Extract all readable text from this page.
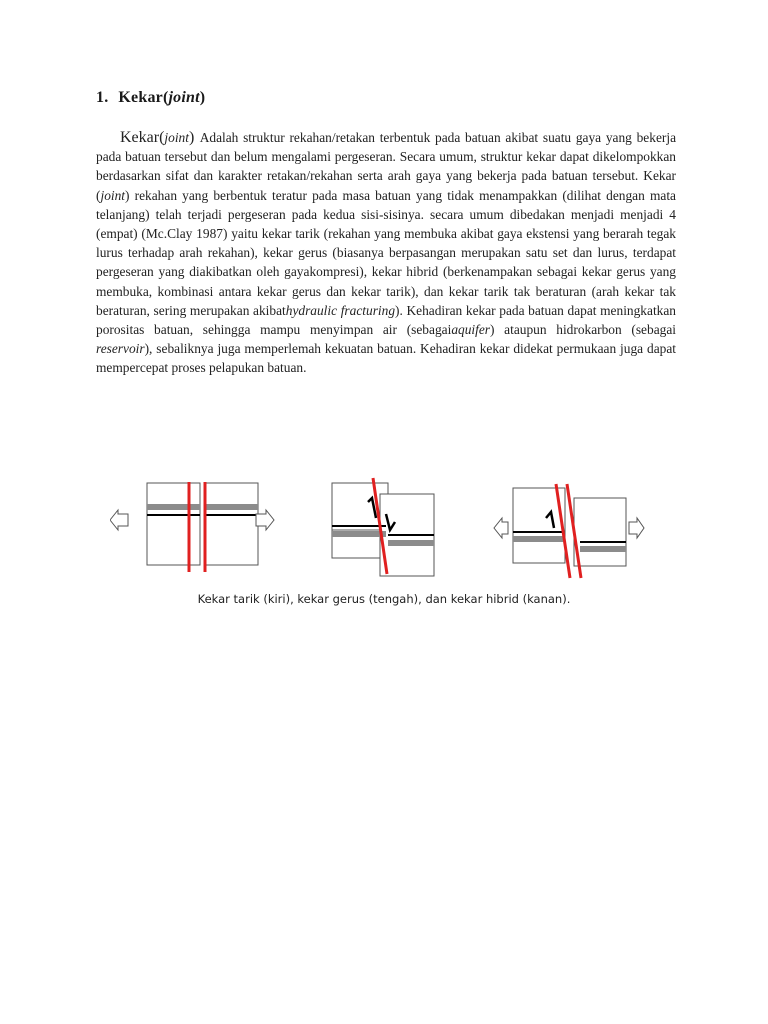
1. Kekar(joint)
Kekar(joint) Adalah struktur rekahan/retakan terbentuk pada batuan akibat suatu gaya yang bekerja pada batuan tersebut dan belum mengalami pergeseran. Secara umum, struktur kekar dapat dikelompokkan berdasarkan sifat dan karakter retakan/rekahan serta arah gaya yang bekerja pada batuan tersebut. Kekar (joint) rekahan yang berbentuk teratur pada masa batuan yang tidak menampakkan (dilihat dengan mata telanjang) telah terjadi pergeseran pada kedua sisi-sisinya. secara umum dibedakan menjadi menjadi 4 (empat) (Mc.Clay 1987) yaitu kekar tarik (rekahan yang membuka akibat gaya ekstensi yang berarah tegak lurus terhadap arah rekahan), kekar gerus (biasanya berpasangan merupakan satu set dan lurus, terdapat pergeseran yang diakibatkan oleh gayakompresi), kekar hibrid (berkenampakan sebagai kekar gerus yang membuka, kombinasi antara kekar gerus dan kekar tarik), dan kekar tarik tak beraturan (arah kekar tak beraturan, sering merupakan akibathydraulic fracturing). Kehadiran kekar pada batuan dapat meningkatkan porositas batuan, sehingga mampu menyimpan air (sebagaiaquifer) ataupun hidrokarbon (sebagai reservoir), sebaliknya juga memperlemah kekuatan batuan. Kehadiran kekar didekat permukaan juga dapat mempercepat proses pelapukan batuan.
Kekar tarik (kiri), kekar gerus (tengah), dan kekar hibrid (kanan).
